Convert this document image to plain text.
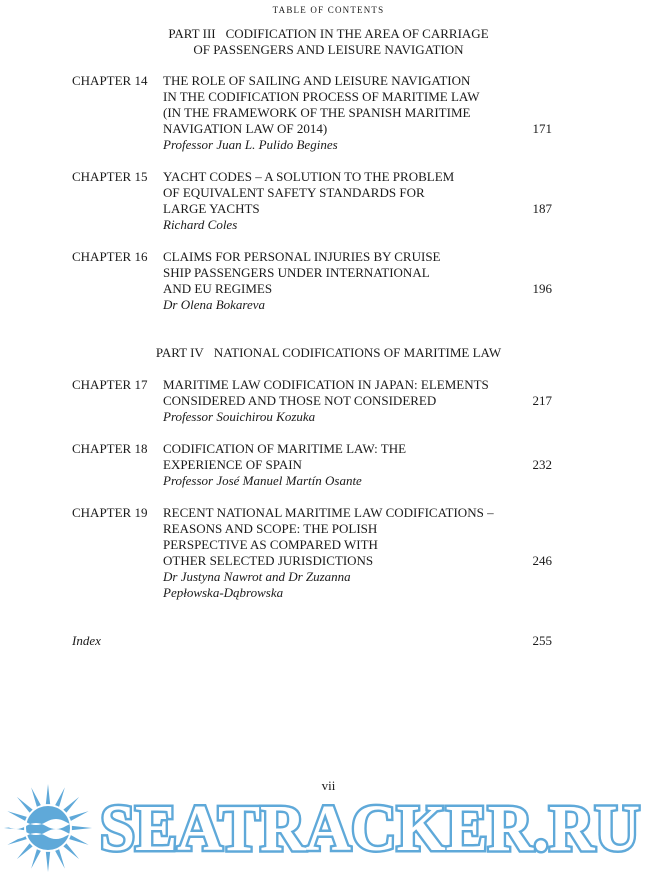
TABLE OF CONTENTS
PART III CODIFICATION IN THE AREA OF CARRIAGE
OF PASSENGERS AND LEISURE NAVIGATION
CHAPTER 14 THE ROLE OF SAILING AND LEISURE NAVIGATION
IN THE CODIFICATION PROCESS OF MARITIME LAW
(IN THE FRAMEWORK OF THE SPANISH MARITIME
NAVIGATION LAW OF 2014)
Professor Juan L. Pulido Begines
171
CHAPTER 15 YACHT CODES – A SOLUTION TO THE PROBLEM
OF EQUIVALENT SAFETY STANDARDS FOR
LARGE YACHTS
Richard Coles
187
CHAPTER 16 CLAIMS FOR PERSONAL INJURIES BY CRUISE
SHIP PASSENGERS UNDER INTERNATIONAL
AND EU REGIMES
Dr Olena Bokareva
196
PART IV NATIONAL CODIFICATIONS OF MARITIME LAW
CHAPTER 17 MARITIME LAW CODIFICATION IN JAPAN: ELEMENTS
CONSIDERED AND THOSE NOT CONSIDERED
Professor Souichirou Kozuka
217
CHAPTER 18 CODIFICATION OF MARITIME LAW: THE
EXPERIENCE OF SPAIN
Professor José Manuel Martín Osante
232
CHAPTER 19 RECENT NATIONAL MARITIME LAW CODIFICATIONS –
REASONS AND SCOPE: THE POLISH
PERSPECTIVE AS COMPARED WITH
OTHER SELECTED JURISDICTIONS
Dr Justyna Nawrot and Dr Zuzanna
Pepłowska-Dąbrowska
246
Index	255
vii
SEATRACKER.RU
